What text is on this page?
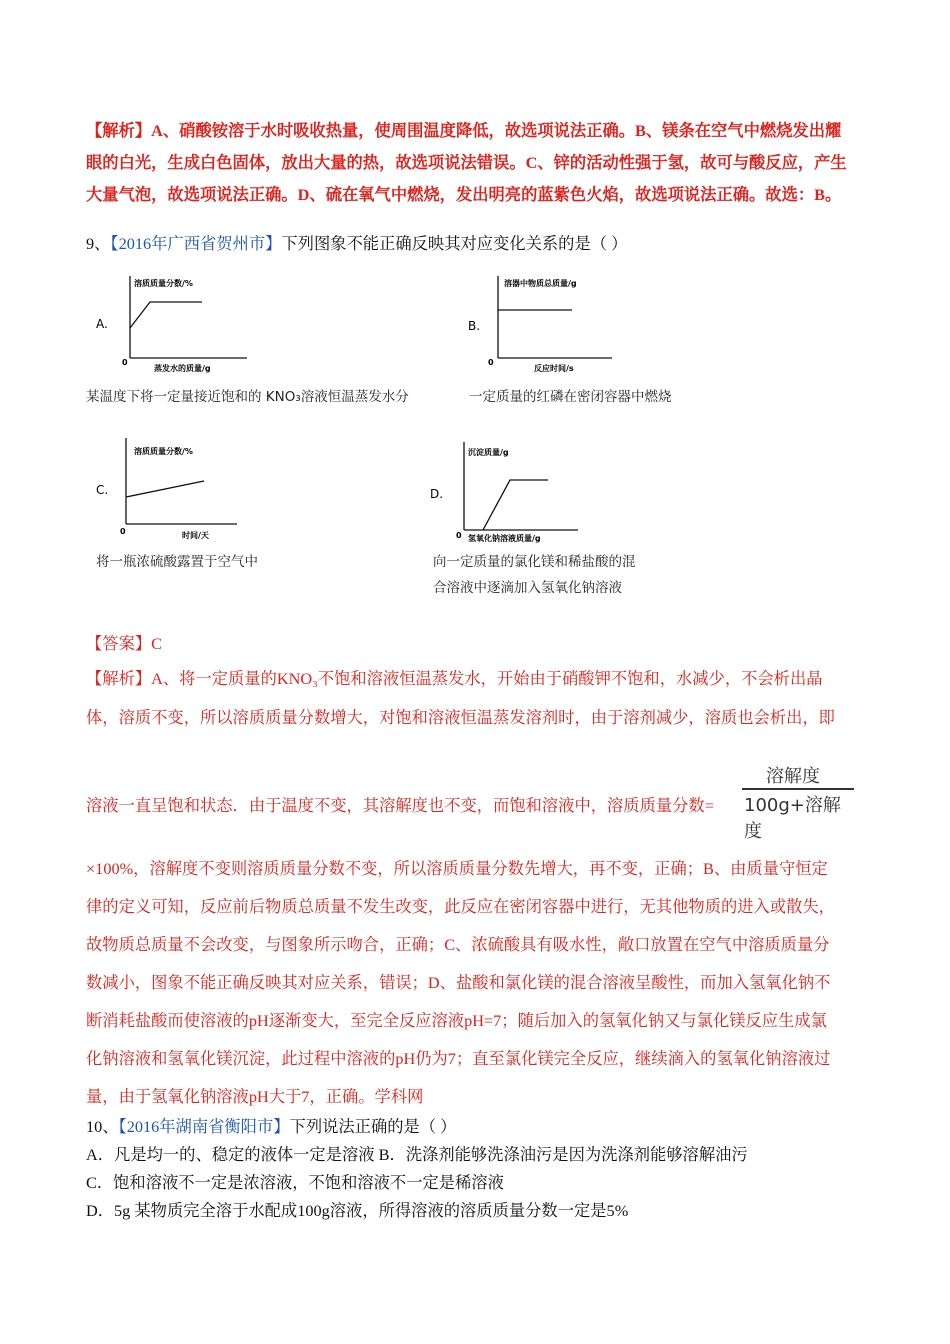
【解析】A、硝酸铵溶于水时吸收热量，使周围温度降低，故选项说法正确。B、镁条在空气中燃烧发出耀
眼的白光，生成白色固体，放出大量的热，故选项说法错误。C、锌的活动性强于氢，故可与酸反应，产生
大量气泡，故选项说法正确。D、硫在氧气中燃烧，发出明亮的蓝紫色火焰，故选项说法正确。故选：B。
9、【2016年广西省贺州市】下列图象不能正确反映其对应变化关系的是（ ）
A.
溶质质量分数/%
蒸发水的质量/g
0
某温度下将一定量接近饱和的 KNO₃溶液恒温蒸发水分
B.
溶器中物质总质量/g
反应时间/s
0
一定质量的红磷在密闭容器中燃烧
C.
溶质质量分数/%
时间/天
0
将一瓶浓硫酸露置于空气中
D.
沉淀质量/g
氢氧化钠溶液质量/g
0
向一定质量的氯化镁和稀盐酸的混
合溶液中逐滴加入氢氧化钠溶液
【答案】C
【解析】A、将一定质量的KNO₃不饱和溶液恒温蒸发水，开始由于硝酸钾不饱和，水减少，不会析出晶
体，溶质不变，所以溶质质量分数增大，对饱和溶液恒温蒸发溶剂时，由于溶剂减少，溶质也会析出，即
溶液一直呈饱和状态．由于温度不变，其溶解度也不变，而饱和溶液中，溶质质量分数=
溶解度
100g+溶解度
×100%，溶解度不变则溶质质量分数不变，所以溶质质量分数先增大，再不变，正确；B、由质量守恒定
律的定义可知，反应前后物质总质量不发生改变，此反应在密闭容器中进行，无其他物质的进入或散失，
故物质总质量不会改变，与图象所示吻合，正确；C、浓硫酸具有吸水性，敞口放置在空气中溶质质量分
数减小，图象不能正确反映其对应关系，错误；D、盐酸和氯化镁的混合溶液呈酸性，而加入氢氧化钠不
断消耗盐酸而使溶液的pH逐渐变大，至完全反应溶液pH=7；随后加入的氢氧化钠又与氯化镁反应生成氯
化钠溶液和氢氧化镁沉淀，此过程中溶液的pH仍为7；直至氯化镁完全反应，继续滴入的氢氧化钠溶液过
量，由于氢氧化钠溶液pH大于7，正确。学科网
10、【2016年湖南省衡阳市】下列说法正确的是（ ）
A．凡是均一的、稳定的液体一定是溶液 B．洗涤剂能够洗涤油污是因为洗涤剂能够溶解油污
C．饱和溶液不一定是浓溶液，不饱和溶液不一定是稀溶液
D．5g 某物质完全溶于水配成100g溶液，所得溶液的溶质质量分数一定是5%
